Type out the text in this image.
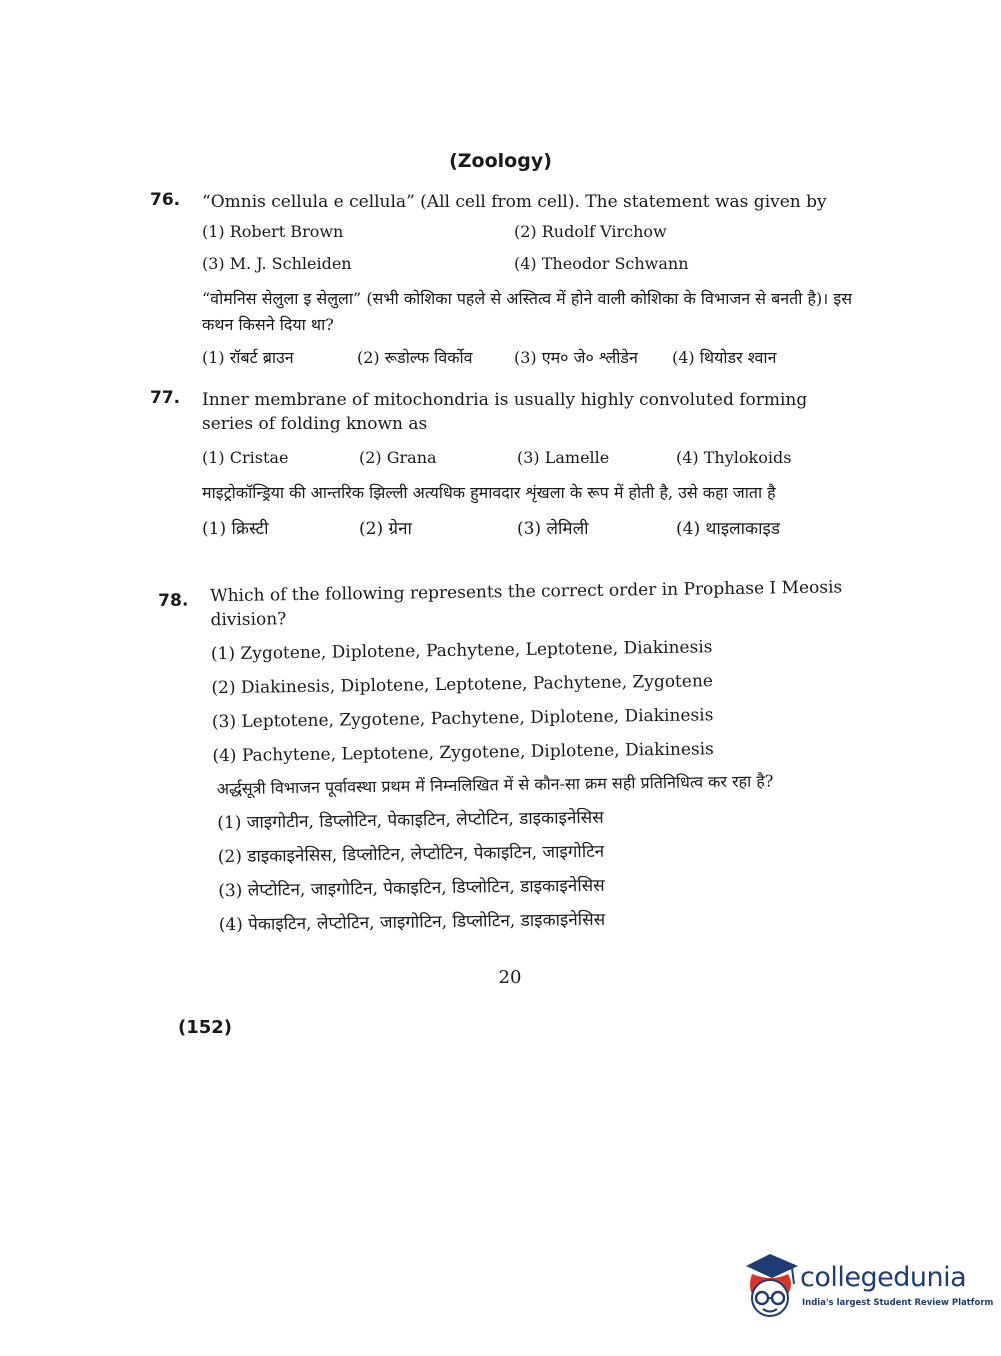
(Zoology)
76. “Omnis cellula e cellula” (All cell from cell). The statement was given by
(1) Robert Brown	(2) Rudolf Virchow
(3) M. J. Schleiden	(4) Theodor Schwann
“वोमनिस सेलुला इ सेलुला” (सभी कोशिका पहले से अस्तित्व में होने वाली कोशिका के विभाजन से बनती है)। इस कथन किसने दिया था?
(1) रॉबर्ट ब्राउन	(2) रूडोल्फ विर्कोव	(3) एम० जे० श्लीडेन (4) थियोडर श्वान
77. Inner membrane of mitochondria is usually highly convoluted forming series of folding known as
(1) Cristae	(2) Grana	(3) Lamelle	(4) Thylokoids
माइट्रोकॉन्ड्रिया की आन्तरिक झिल्ली अत्यधिक हुमावदार शृंखला के रूप में होती है, उसे कहा जाता है
(1) क्रिस्टी	(2) ग्रेना	(3) लेमिली	(4) थाइलाकाइड
78. Which of the following represents the correct order in Prophase I Meosis division?
(1) Zygotene, Diplotene, Pachytene, Leptotene, Diakinesis
(2) Diakinesis, Diplotene, Leptotene, Pachytene, Zygotene
(3) Leptotene, Zygotene, Pachytene, Diplotene, Diakinesis
(4) Pachytene, Leptotene, Zygotene, Diplotene, Diakinesis
अर्द्धसूत्री विभाजन पूर्वावस्था प्रथम में निम्नलिखित में से कौन-सा क्रम सही प्रतिनिधित्व कर रहा है?
(1) जाइगोटीन, डिप्लोटिन, पेकाइटिन, लेप्टोटिन, डाइकाइनेसिस
(2) डाइकाइनेसिस, डिप्लोटिन, लेप्टोटिन, पेकाइटिन, जाइगोटिन
(3) लेप्टोटिन, जाइगोटिन, पेकाइटिन, डिप्लोटिन, डाइकाइनेसिस
(4) पेकाइटिन, लेप्टोटिन, जाइगोटिन, डिप्लोटिन, डाइकाइनेसिस
20
(152)
collegedunia
India's largest Student Review Platform
